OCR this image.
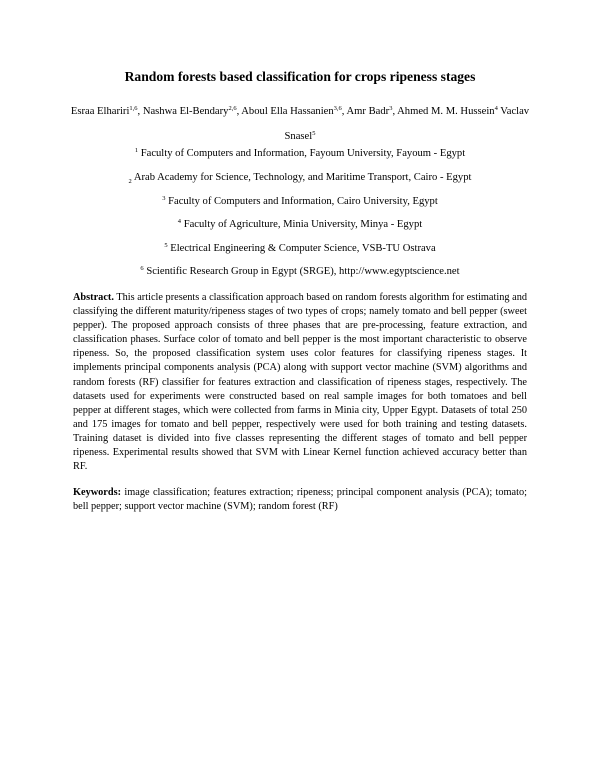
Random forests based classification for crops ripeness stages
Esraa Elhariri$^{1,6}$, Nashwa El-Bendary$^{2,6}$, Aboul Ella Hassanien$^{3,6}$, Amr Badr$^3$, Ahmed M. M. Hussein$^4$ Vaclav Snasel$^5$
$^1$ Faculty of Computers and Information, Fayoum University, Fayoum - Egypt
$_2$ Arab Academy for Science, Technology, and Maritime Transport, Cairo - Egypt
$^3$ Faculty of Computers and Information, Cairo University, Egypt
$^4$ Faculty of Agriculture, Minia University, Minya - Egypt
$^5$ Electrical Engineering & Computer Science, VSB-TU Ostrava
$^6$ Scientific Research Group in Egypt (SRGE), http://www.egyptscience.net
Abstract. This article presents a classification approach based on random forests algorithm for estimating and classifying the different maturity/ripeness stages of two types of crops; namely tomato and bell pepper (sweet pepper). The proposed approach consists of three phases that are pre-processing, feature extraction, and classification phases. Surface color of tomato and bell pepper is the most important characteristic to observe ripeness. So, the proposed classification system uses color features for classifying ripeness stages. It implements principal components analysis (PCA) along with support vector machine (SVM) algorithms and random forests (RF) classifier for features extraction and classification of ripeness stages, respectively. The datasets used for experiments were constructed based on real sample images for both tomatoes and bell pepper at different stages, which were collected from farms in Minia city, Upper Egypt. Datasets of total 250 and 175 images for tomato and bell pepper, respectively were used for both training and testing datasets. Training dataset is divided into five classes representing the different stages of tomato and bell pepper ripeness. Experimental results showed that SVM with Linear Kernel function achieved accuracy better than RF.
Keywords: image classification; features extraction; ripeness; principal component analysis (PCA); tomato; bell pepper; support vector machine (SVM); random forest (RF)
